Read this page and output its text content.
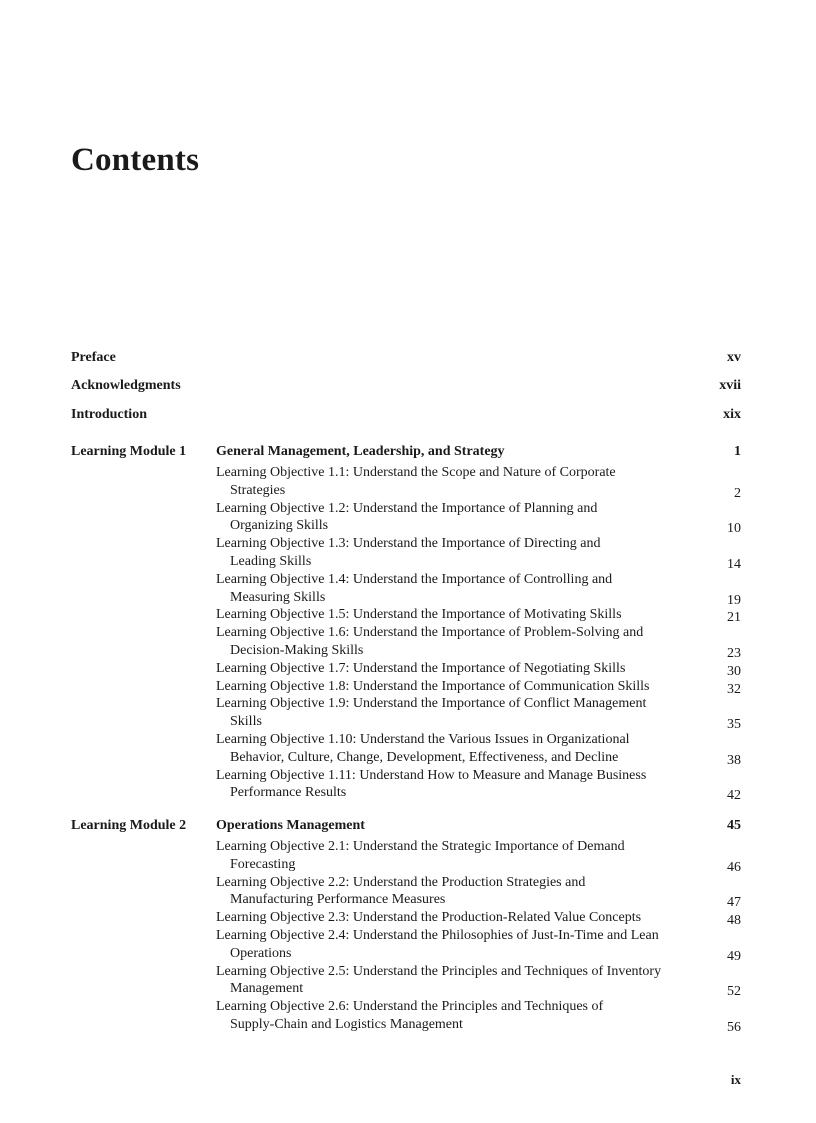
Contents
Preface	xv
Acknowledgments	xvii
Introduction	xix
Learning Module 1 General Management, Leadership, and Strategy	1
Learning Objective 1.1: Understand the Scope and Nature of Corporate
Strategies	2
Learning Objective 1.2: Understand the Importance of Planning and
Organizing Skills	10
Learning Objective 1.3: Understand the Importance of Directing and
Leading Skills	14
Learning Objective 1.4: Understand the Importance of Controlling and
Measuring Skills	19
Learning Objective 1.5: Understand the Importance of Motivating Skills	21
Learning Objective 1.6: Understand the Importance of Problem-Solving and
Decision-Making Skills	23
Learning Objective 1.7: Understand the Importance of Negotiating Skills	30
Learning Objective 1.8: Understand the Importance of Communication Skills	32
Learning Objective 1.9: Understand the Importance of Conflict Management
Skills	35
Learning Objective 1.10: Understand the Various Issues in Organizational
Behavior, Culture, Change, Development, Effectiveness, and Decline	38
Learning Objective 1.11: Understand How to Measure and Manage Business
Performance Results	42
Learning Module 2 Operations Management	45
Learning Objective 2.1: Understand the Strategic Importance of Demand
Forecasting	46
Learning Objective 2.2: Understand the Production Strategies and
Manufacturing Performance Measures	47
Learning Objective 2.3: Understand the Production-Related Value Concepts	48
Learning Objective 2.4: Understand the Philosophies of Just-In-Time and Lean
Operations	49
Learning Objective 2.5: Understand the Principles and Techniques of Inventory
Management	52
Learning Objective 2.6: Understand the Principles and Techniques of
Supply-Chain and Logistics Management	56
ix
